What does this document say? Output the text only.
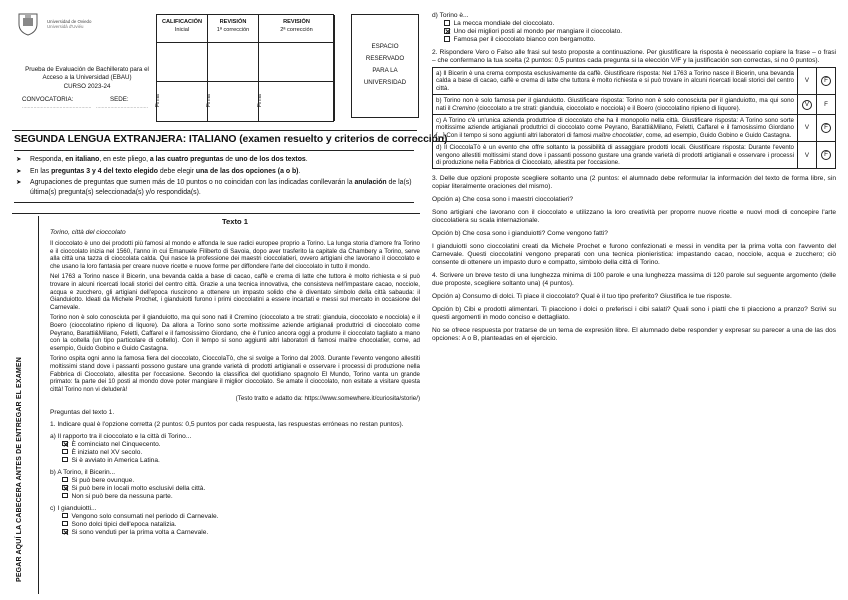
Universidad de Oviedo
Universidá d'Uviéu
Prueba de Evaluación de Bachillerato para el Acceso a la Universidad (EBAU)
CURSO 2023-24
CONVOCATORIA:	SEDE:
................................................ ....................................
CALIFICACIÓN
Inicial
Firma
REVISIÓN
1ª corrección
Firma
REVISIÓN
2ª corrección
Firma
ESPACIO
RESERVADO
PARA LA
UNIVERSIDAD
SEGUNDA LENGUA EXTRANJERA: ITALIANO (examen resuelto y criterios de corrección)
➤ Responda, en italiano, en este pliego, a las cuatro preguntas de uno de los dos textos.
➤ En las preguntas 3 y 4 del texto elegido debe elegir una de las dos opciones (a o b).
➤ Agrupaciones de preguntas que sumen más de 10 puntos o no coincidan con las indicadas conllevarán la anulación de la(s) última(s) pregunta(s) seleccionada(s) y/o respondida(s).
PEGAR AQUÍ LA CABECERA ANTES DE ENTREGAR EL EXAMEN
Texto 1
Torino, città del cioccolato
Il cioccolato è uno dei prodotti più famosi al mondo e affonda le sue radici europee proprio a Torino. La lunga storia d'amore fra Torino e il cioccolato inizia nel 1560, l'anno in cui Emanuele Filiberto di Savoia, dopo aver trasferito la capitale da Chambery a Torino, serve alla città una tazza di cioccolata calda. Qui nasce la professione dei maestri cioccolatieri, ovvero artigiani che lavorano il cioccolato e che usano la loro fantasia per creare nuove ricette e nuove forme per diffondere l'arte del cioccolato in tutto il mondo.
Nel 1763 a Torino nasce il Bicerin, una bevanda calda a base di cacao, caffè e crema di latte che tuttora è molto richiesta e si può trovare in alcuni ricercati locali storici del centro città. Grazie a una tecnica innovativa, che consisteva nell'impastare cacao, nocciole, acqua e zucchero, gli artigiani dell'epoca riuscirono a ottenere un impasto solido che è diventato simbolo della città sabauda: il Gianduiotto. Ideati da Michele Prochet, i gianduiotti furono i primi cioccolatini a essere incartati e messi sul mercato in occasione del Carnevale.
Torino non è solo conosciuta per il gianduiotto, ma qui sono nati il Cremino (cioccolato a tre strati: gianduia, cioccolato e nocciola) e il Boero (cioccolatino ripieno di liquore). Da allora a Torino sono sorte moltissime aziende artigianali produttrici di cioccolato come Peyrano, Baratti&Milano, Feletti, Caffarel e il famosissimo Giordano, che è l'unico ancora oggi a produrre il cioccolato tagliato a mano con la coltella (un tipo particolare di coltello). Con il tempo si sono aggiunti altri laboratori di famosi maître chocolatier, come, ad esempio, Guido Gobino e Guido Castagna.
Torino ospita ogni anno la famosa fiera del cioccolato, CioccolaTò, che si svolge a Torino dal 2003. Durante l'evento vengono allestiti moltissimi stand dove i passanti possono gustare una grande varietà di prodotti artigianali e osservare i processi di produzione nella Fabbrica di Cioccolato, allestita per l'occasione. Secondo la classifica del quotidiano spagnolo El Mundo, Torino vanta un grande primato: fa parte dei 10 posti al mondo dove poter mangiare il miglior cioccolato. Se amate il cioccolato, non esitate a visitare questa città! Torino non vi deluderà!
(Testo tratto e adatto da: https://www.somewhere.it/curiosita/storie/)
Preguntas del texto 1.
1. Indicare qual è l'opzione corretta (2 puntos: 0,5 puntos por cada respuesta, las respuestas erróneas no restan puntos).
a) Il rapporto tra il cioccolato e la città di Torino...
È cominciato nel Cinquecento.
È iniziato nel XV secolo.
Si è avviato in America Latina.
b) A Torino, il Bicerin...
Si può bere ovunque.
Si può bere in locali molto esclusivi della città.
Non si può bere da nessuna parte.
c) I gianduiotti...
Vengono solo consumati nel periodo di Carnevale.
Sono dolci tipici dell'epoca natalizia.
Si sono venduti per la prima volta a Carnevale.
d) Torino è...
La mecca mondiale del cioccolato.
Uno dei migliori posti al mondo per mangiare il cioccolato.
Famosa per il cioccolato bianco con bergamotto.
2. Rispondere Vero o Falso alle frasi sul testo proposte a continuazione. Per giustificare la risposta è necessario copiare la frase – o frasi – che confermano la tua scelta (2 puntos: 0,5 puntos cada pregunta si la elección V/F y la justificación son correctas, si no 0 puntos).
a) Il Bicerin è una crema composta esclusivamente da caffè. Giustificare risposta: Nel 1763 a Torino nasce il Bicerin, una bevanda calda a base di cacao, caffè e crema di latte che tuttora è molto richiesta e si può trovare in alcuni ricercati locali storici del centro città.	V	F
b) Torino non è solo famosa per il gianduiotto. Giustificare risposta: Torino non è solo conosciuta per il gianduiotto, ma qui sono nati il Cremino (cioccolato a tre strati: gianduia, cioccolato e nocciola) e il Boero (cioccolatino ripieno di liquore).	V	F
c) A Torino c'è un'unica azienda produttrice di cioccolato che ha il monopolio nella città. Giustificare risposta: A Torino sono sorte moltissime aziende artigianali produttrici di cioccolato come Peyrano, Baratti&Milano, Feletti, Caffarel e il famosissimo Giordano [...] Con il tempo si sono aggiunti altri laboratori di famosi maître chocolatier, come, ad esempio, Guido Gobino e Guido Castagna.	V	F
d) Il CioccolaTò è un evento che offre soltanto la possibilità di assaggiare prodotti locali. Giustificare risposta: Durante l'evento vengono allestiti moltissimi stand dove i passanti possono gustare una grande varietà di prodotti artigianali e osservare i processi di produzione nella Fabbrica di Cioccolato, allestita per l'occasione.	V	F
3. Delle due opzioni proposte scegliere soltanto una (2 puntos: el alumnado debe reformular la información del texto de forma libre, sin copiar literalmente oraciones del mismo).
Opción a) Che cosa sono i maestri cioccolatieri?
Sono artigiani che lavorano con il cioccolato e utilizzano la loro creatività per proporre nuove ricette e nuovi modi di concepire l'arte cioccolatiera su scala internazionale.
Opción b) Che cosa sono i gianduiotti? Come vengono fatti?
I gianduiotti sono cioccolatini creati da Michele Prochet e furono confezionati e messi in vendita per la prima volta con l'avvento del Carnevale. Questi cioccolatini vengono preparati con una tecnica pionieristica: impastando cacao, nocciole, acqua e zucchero; ciò consente di ottenere un impasto duro e compatto, simbolo della città di Torino.
4. Scrivere un breve testo di una lunghezza minima di 100 parole e una lunghezza massima di 120 parole sul seguente argomento (delle due proposte, scegliere soltanto una) (4 puntos).
Opción a) Consumo di dolci. Ti piace il cioccolato? Qual è il tuo tipo preferito? Giustifica le tue risposte.
Opción b) Cibi e prodotti alimentari. Ti piacciono i dolci o preferisci i cibi salati? Quali sono i piatti che ti piacciono a pranzo? Scrivi su questi argomenti in modo conciso e dettagliato.
No se ofrece respuesta por tratarse de un tema de expresión libre. El alumnado debe responder y expresar su parecer a una de las dos opciones: A o B, planteadas en el ejercicio.
